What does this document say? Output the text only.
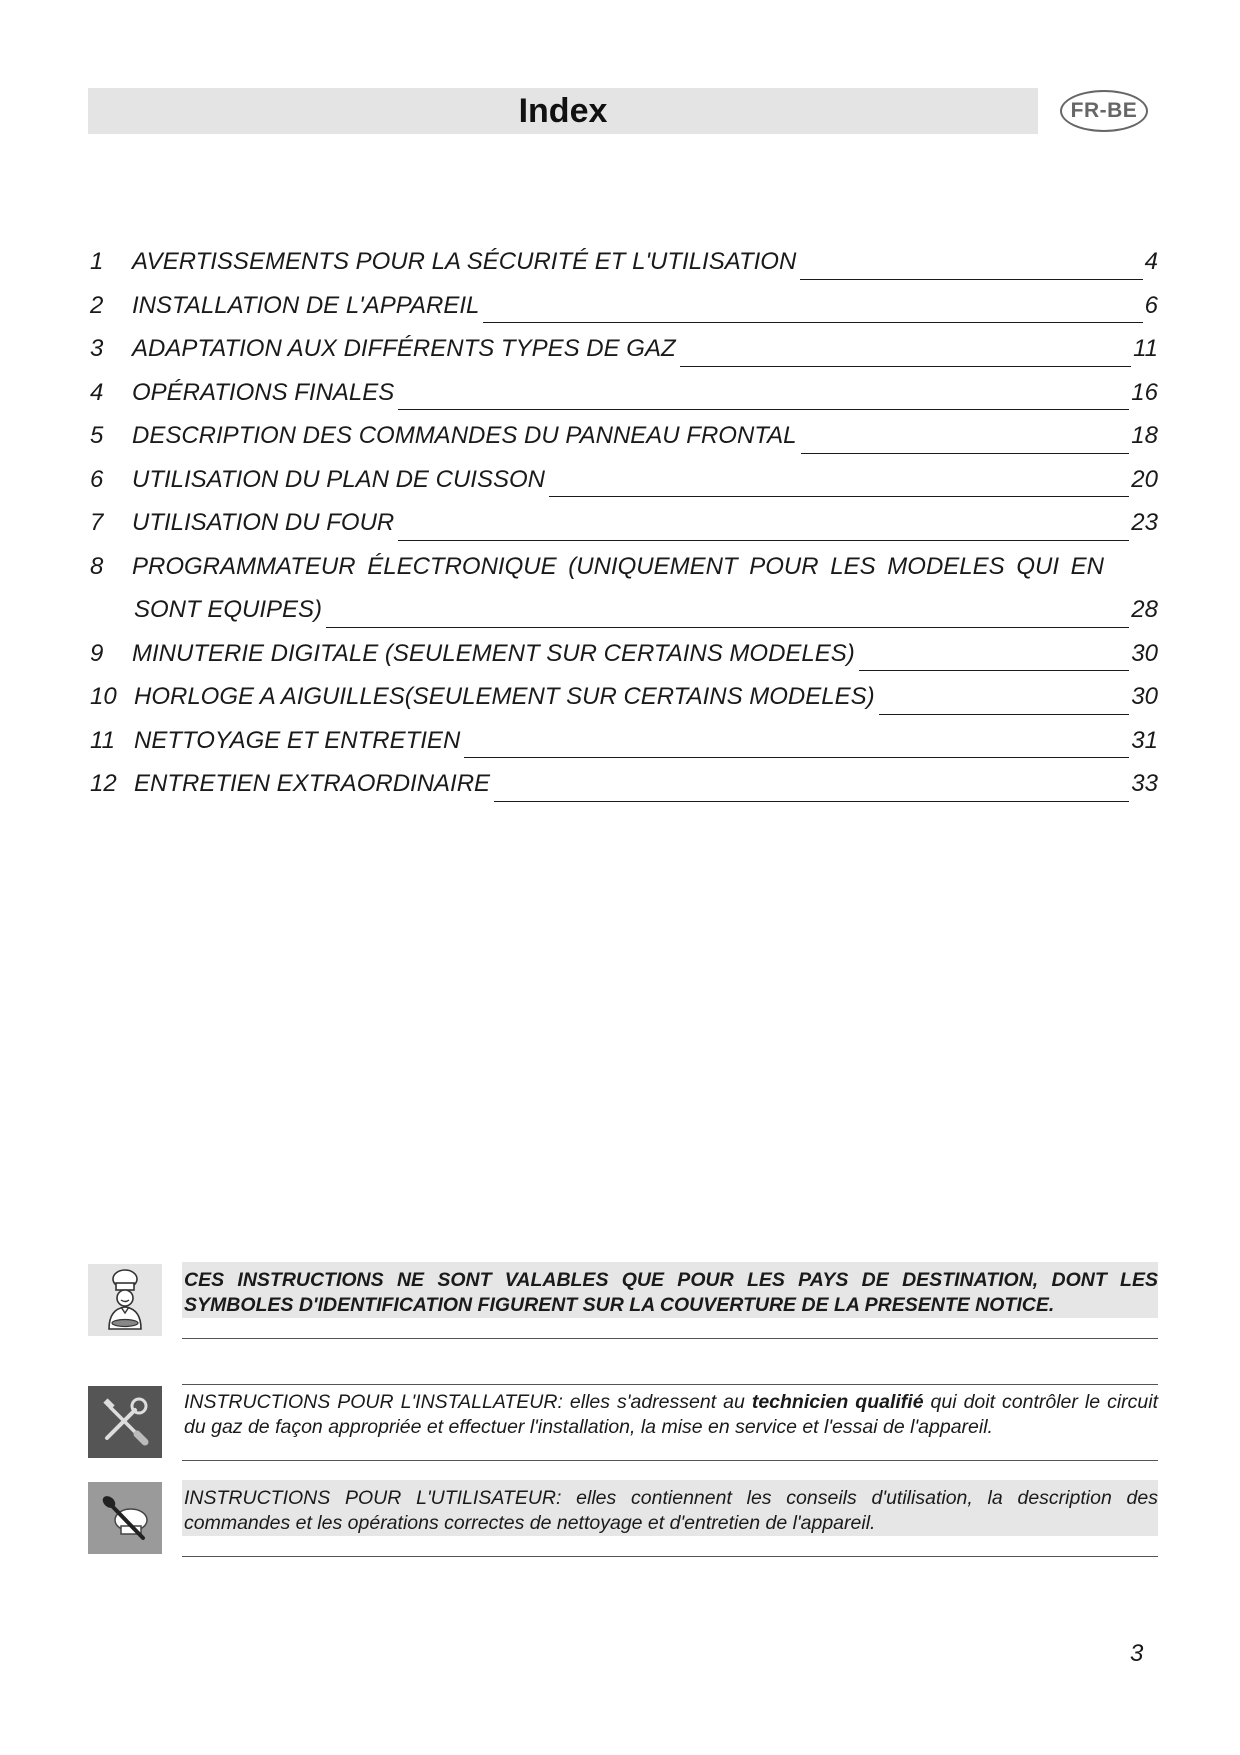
Index	FR-BE
1	AVERTISSEMENTS POUR LA SÉCURITÉ ET L'UTILISATION	4
2	INSTALLATION DE L'APPAREIL	6
3	ADAPTATION AUX DIFFÉRENTS TYPES DE GAZ	11
4	OPÉRATIONS FINALES	16
5	DESCRIPTION DES COMMANDES DU PANNEAU FRONTAL	18
6	UTILISATION DU PLAN DE CUISSON	20
7	UTILISATION DU FOUR	23
8	PROGRAMMATEUR ÉLECTRONIQUE (UNIQUEMENT POUR LES MODELES QUI EN
SONT EQUIPES)	28
9	MINUTERIE DIGITALE (SEULEMENT SUR CERTAINS MODELES)	30
10 HORLOGE A AIGUILLES(SEULEMENT SUR CERTAINS MODELES)	30
11 NETTOYAGE ET ENTRETIEN	31
12 ENTRETIEN EXTRAORDINAIRE	33
CES INSTRUCTIONS NE SONT VALABLES QUE POUR LES PAYS DE DESTINATION, DONT LES SYMBOLES D'IDENTIFICATION FIGURENT SUR LA COUVERTURE DE LA PRESENTE NOTICE.
INSTRUCTIONS POUR L'INSTALLATEUR: elles s'adressent au technicien qualifié qui doit contrôler le circuit du gaz de façon appropriée et effectuer l'installation, la mise en service et l'essai de l'appareil.
INSTRUCTIONS POUR L'UTILISATEUR: elles contiennent les conseils d'utilisation, la description des commandes et les opérations correctes de nettoyage et d'entretien de l'appareil.
3
